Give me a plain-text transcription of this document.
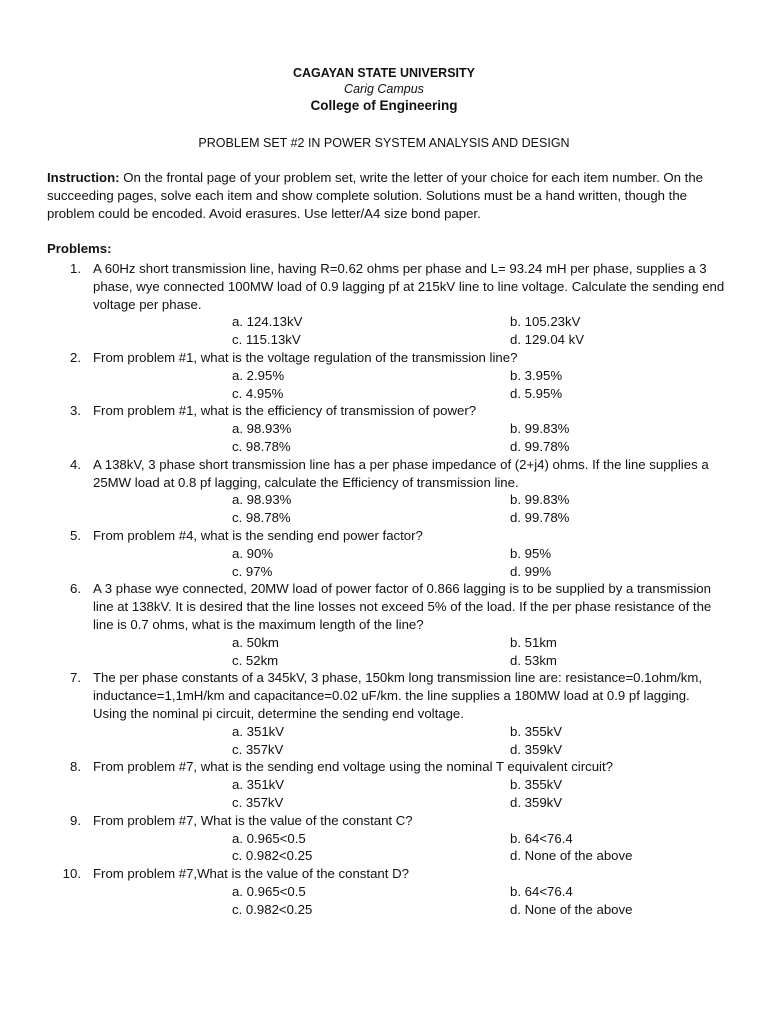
CAGAYAN STATE UNIVERSITY
Carig Campus
College of Engineering
PROBLEM SET #2 IN POWER SYSTEM ANALYSIS AND DESIGN
Instruction: On the frontal page of your problem set, write the letter of your choice for each item number. On the succeeding pages, solve each item and show complete solution. Solutions must be a hand written, though the problem could be encoded. Avoid erasures. Use letter/A4 size bond paper.
Problems:
1. A 60Hz short transmission line, having R=0.62 ohms per phase and L= 93.24 mH per phase, supplies a 3 phase, wye connected 100MW load of 0.9 lagging pf at 215kV line to line voltage. Calculate the sending end voltage per phase.
a. 124.13kV	b. 105.23kV
c. 115.13kV	d. 129.04 kV
2. From problem #1, what is the voltage regulation of the transmission line?
a. 2.95%	b. 3.95%
c. 4.95%	d. 5.95%
3. From problem #1, what is the efficiency of transmission of power?
a. 98.93%	b. 99.83%
c. 98.78%	d. 99.78%
4. A 138kV, 3 phase short transmission line has a per phase impedance of (2+j4) ohms. If the line supplies a 25MW load at 0.8 pf lagging, calculate the Efficiency of transmission line.
a. 98.93%	b. 99.83%
c. 98.78%	d. 99.78%
5. From problem #4, what is the sending end power factor?
a. 90%	b. 95%
c. 97%	d. 99%
6. A 3 phase wye connected, 20MW load of power factor of 0.866 lagging is to be supplied by a transmission line at 138kV. It is desired that the line losses not exceed 5% of the load. If the per phase resistance of the line is 0.7 ohms, what is the maximum length of the line?
a. 50km	b. 51km
c. 52km	d. 53km
7. The per phase constants of a 345kV, 3 phase, 150km long transmission line are: resistance=0.1ohm/km, inductance=1,1mH/km and capacitance=0.02 uF/km. the line supplies a 180MW load at 0.9 pf lagging. Using the nominal pi circuit, determine the sending end voltage.
a. 351kV	b. 355kV
c. 357kV	d. 359kV
8. From problem #7, what is the sending end voltage using the nominal T equivalent circuit?
a. 351kV	b. 355kV
c. 357kV	d. 359kV
9. From problem #7, What is the value of the constant C?
a. 0.965<0.5	b. 64<76.4
c. 0.982<0.25	d. None of the above
10. From problem #7,What is the value of the constant D?
a. 0.965<0.5	b. 64<76.4
c. 0.982<0.25	d. None of the above
